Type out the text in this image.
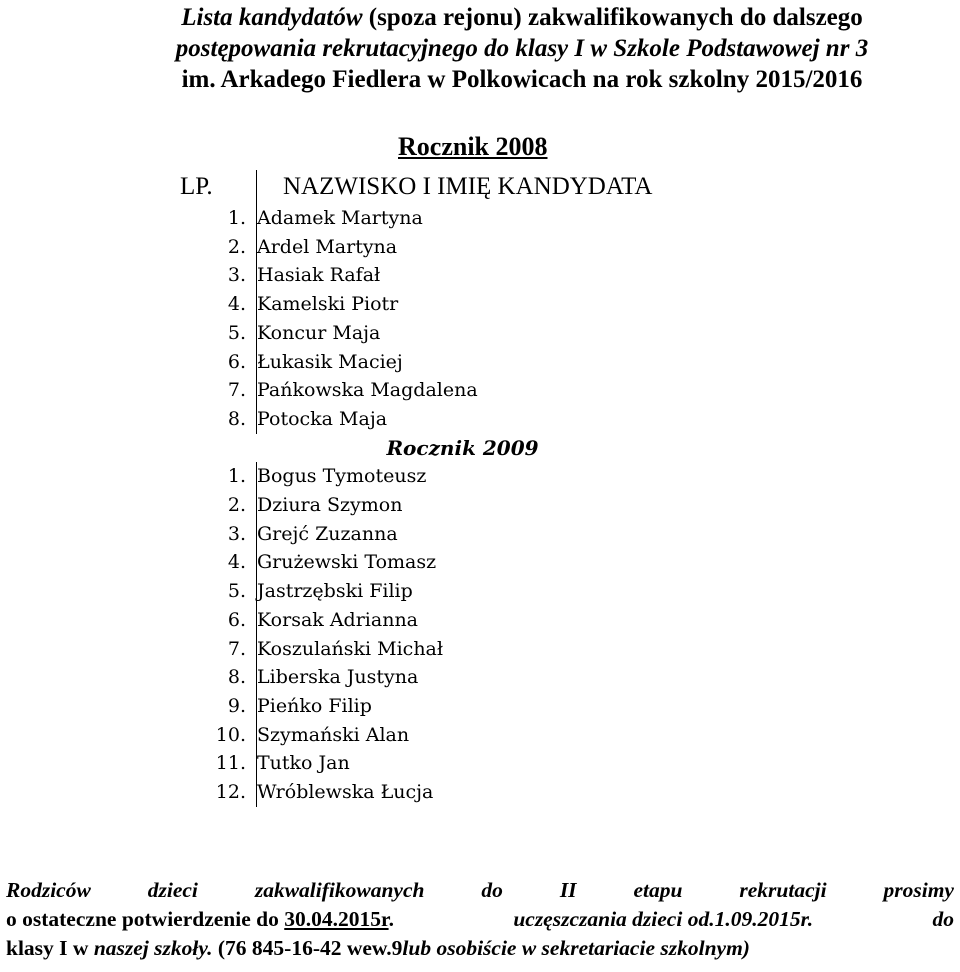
Lista kandydatów (spoza rejonu) zakwalifikowanych do dalszego
postępowania rekrutacyjnego do klasy I w Szkole Podstawowej nr 3
im. Arkadego Fiedlera w Polkowicach na rok szkolny 2015/2016
Rocznik 2008
LP.	NAZWISKO I IMIĘ KANDYDATA
1.	Adamek Martyna
2.	Ardel Martyna
3.	Hasiak Rafał
4.	Kamelski Piotr
5.	Koncur Maja
6.	Łukasik Maciej
7.	Pańkowska Magdalena
8.	Potocka Maja
Rocznik 2009	
1.	Bogus Tymoteusz
2.	Dziura Szymon
3.	Grejć Zuzanna
4.	Grużewski Tomasz
5.	Jastrzębski Filip
6.	Korsak Adrianna
7.	Koszulański Michał
8.	Liberska Justyna
9.	Pieńko Filip
10.	Szymański Alan
11.	Tutko Jan
12.	Wróblewska Łucja
Rodziców	dzieci	zakwalifikowanych	do	II	etapu	rekrutacji	prosimy
o ostateczne potwierdzenie do 30.04.2015r.	uczęszczania dzieci od.1.09.2015r.	do
klasy I w naszej szkoły. (76 845-16-42 wew.9lub osobiście w sekretariacie szkolnym)
